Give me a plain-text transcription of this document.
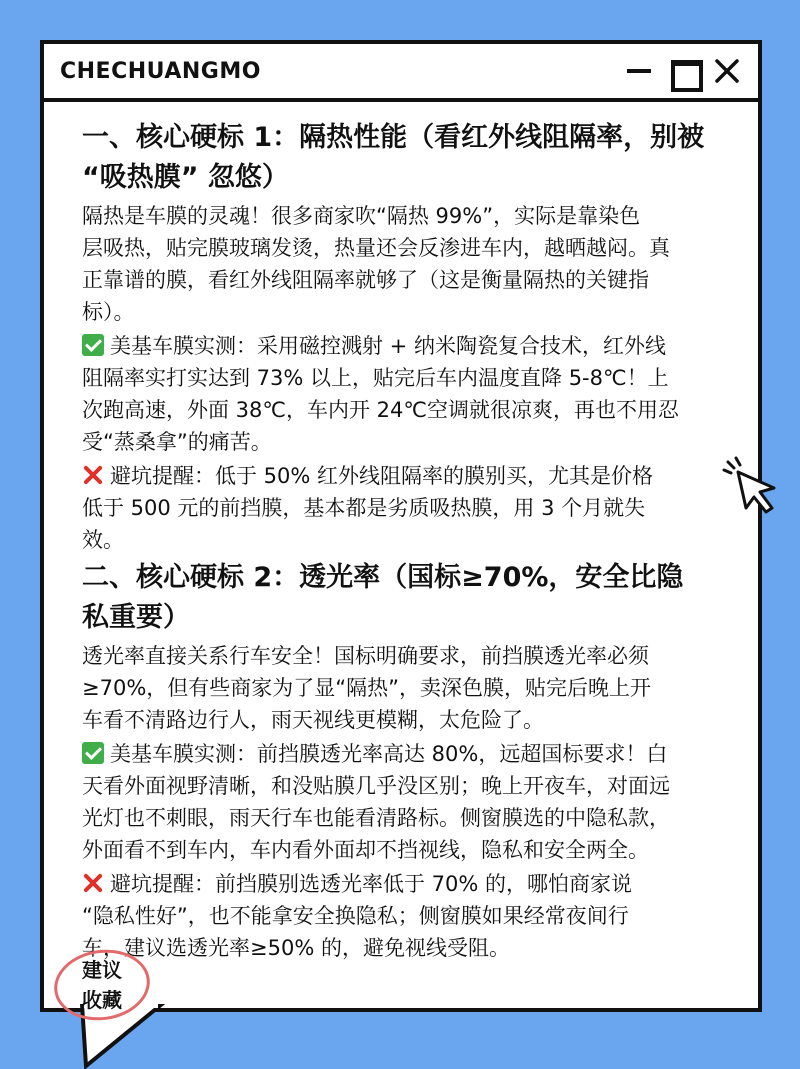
CHECHUANGMO
一、核心硬标 1：隔热性能（看红外线阻隔率，别被
“吸热膜” 忽悠）
隔热是车膜的灵魂！很多商家吹“隔热 99%”，实际是靠染色
层吸热，贴完膜玻璃发烫，热量还会反渗进车内，越晒越闷。真
正靠谱的膜，看红外线阻隔率就够了（这是衡量隔热的关键指
标）。
美基车膜实测：采用磁控溅射 + 纳米陶瓷复合技术，红外线
阻隔率实打实达到 73% 以上，贴完后车内温度直降 5-8℃！上
次跑高速，外面 38℃，车内开 24℃空调就很凉爽，再也不用忍
受“蒸桑拿”的痛苦。
避坑提醒：低于 50% 红外线阻隔率的膜别买，尤其是价格
低于 500 元的前挡膜，基本都是劣质吸热膜，用 3 个月就失
效。
二、核心硬标 2：透光率（国标≥70%，安全比隐
私重要）
透光率直接关系行车安全！国标明确要求，前挡膜透光率必须
≥70%，但有些商家为了显“隔热”，卖深色膜，贴完后晚上开
车看不清路边行人，雨天视线更模糊，太危险了。
美基车膜实测：前挡膜透光率高达 80%，远超国标要求！白
天看外面视野清晰，和没贴膜几乎没区别；晚上开夜车，对面远
光灯也不刺眼，雨天行车也能看清路标。侧窗膜选的中隐私款，
外面看不到车内，车内看外面却不挡视线，隐私和安全两全。
避坑提醒：前挡膜别选透光率低于 70% 的，哪怕商家说
“隐私性好”，也不能拿安全换隐私；侧窗膜如果经常夜间行
车，建议选透光率≥50% 的，避免视线受阻。
建议
收藏
